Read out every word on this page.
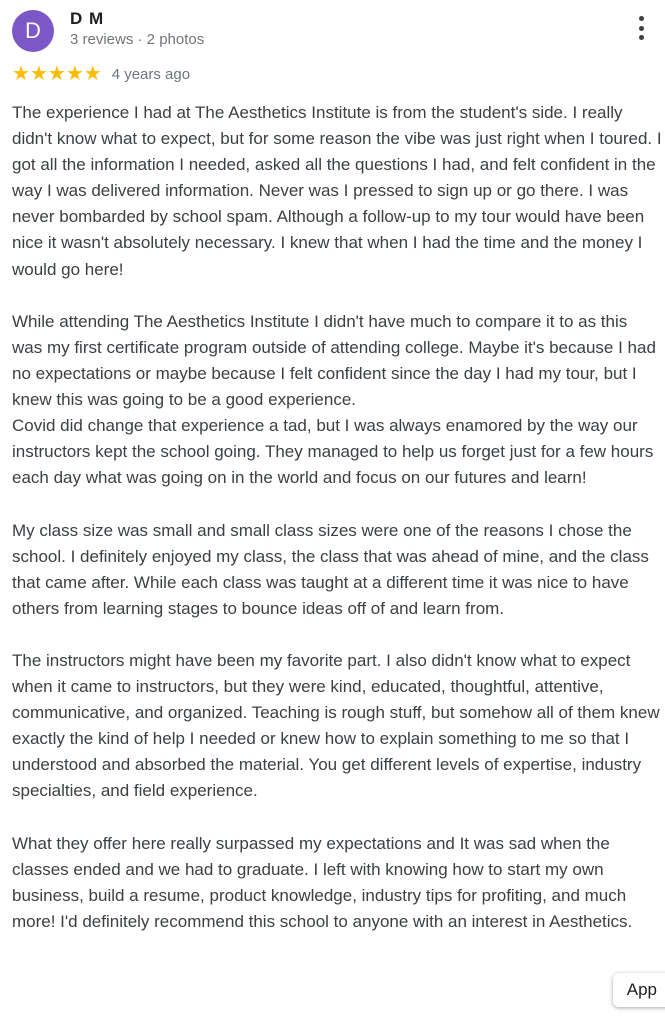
D	D M
3 reviews · 2 photos
★ ★ ★ ★ ★ 4 years ago

The experience I had at The Aesthetics Institute is from the student's side. I really didn't know what to expect, but for some reason the vibe was just right when I toured. I got all the information I needed, asked all the questions I had, and felt confident in the way I was delivered information. Never was I pressed to sign up or go there. I was never bombarded by school spam. Although a follow-up to my tour would have been nice it wasn't absolutely necessary. I knew that when I had the time and the money I would go here!

While attending The Aesthetics Institute I didn't have much to compare it to as this was my first certificate program outside of attending college. Maybe it's because I had no expectations or maybe because I felt confident since the day I had my tour, but I knew this was going to be a good experience.
Covid did change that experience a tad, but I was always enamored by the way our instructors kept the school going. They managed to help us forget just for a few hours each day what was going on in the world and focus on our futures and learn!

My class size was small and small class sizes were one of the reasons I chose the school. I definitely enjoyed my class, the class that was ahead of mine, and the class that came after. While each class was taught at a different time it was nice to have others from learning stages to bounce ideas off of and learn from.

The instructors might have been my favorite part. I also didn't know what to expect when it came to instructors, but they were kind, educated, thoughtful, attentive, communicative, and organized. Teaching is rough stuff, but somehow all of them knew exactly the kind of help I needed or knew how to explain something to me so that I understood and absorbed the material. You get different levels of expertise, industry specialties, and field experience.

What they offer here really surpassed my expectations and It was sad when the classes ended and we had to graduate. I left with knowing how to start my own business, build a resume, product knowledge, industry tips for profiting, and much more! I'd definitely recommend this school to anyone with an interest in Aesthetics.

App
